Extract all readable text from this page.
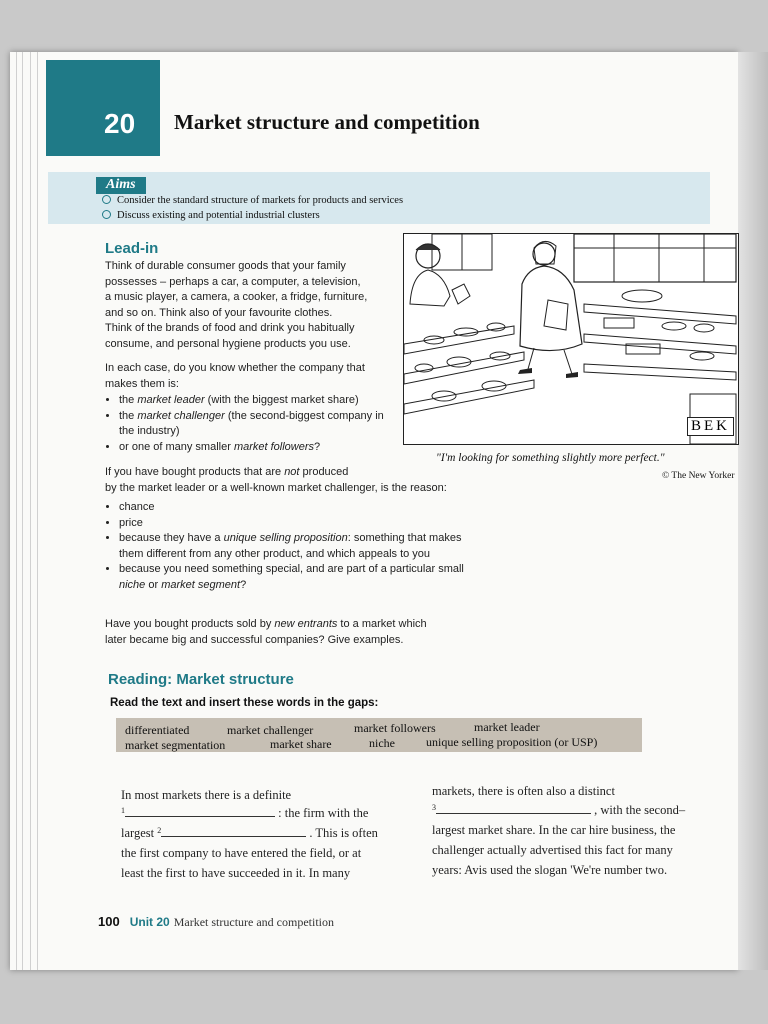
20 Market structure and competition
Aims
Consider the standard structure of markets for products and services
Discuss existing and potential industrial clusters
Lead-in
Think of durable consumer goods that your family
possesses – perhaps a car, a computer, a television,
a music player, a camera, a cooker, a fridge, furniture,
and so on. Think also of your favourite clothes.
Think of the brands of food and drink you habitually
consume, and personal hygiene products you use.
In each case, do you know whether the company that
makes them is:
• the market leader (with the biggest market share)
• the market challenger (the second-biggest company in the industry)
• or one of many smaller market followers?
If you have bought products that are not produced
by the market leader or a well-known market challenger, is the reason:
• chance
• price
• because they have a unique selling proposition: something that makes them different from any other product, and which appeals to you
• because you need something special, and are part of a particular small niche or market segment?
Have you bought products sold by new entrants to a market which
later became big and successful companies? Give examples.
BEK
"I'm looking for something slightly more perfect."
© The New Yorker
Reading: Market structure
Read the text and insert these words in the gaps:
differentiated	market challenger	market followers	market leader
market segmentation	market share	niche	unique selling proposition (or USP)
In most markets there is a definite
$^1$	: the firm with the
largest $^2$	. This is often
the first company to have entered the field, or at
least the first to have succeeded in it. In many
markets, there is often also a distinct
$^3$	, with the second–
largest market share. In the car hire business, the
challenger actually advertised this fact for many
years: Avis used the slogan 'We're number two.
100 Unit 20 Market structure and competition
